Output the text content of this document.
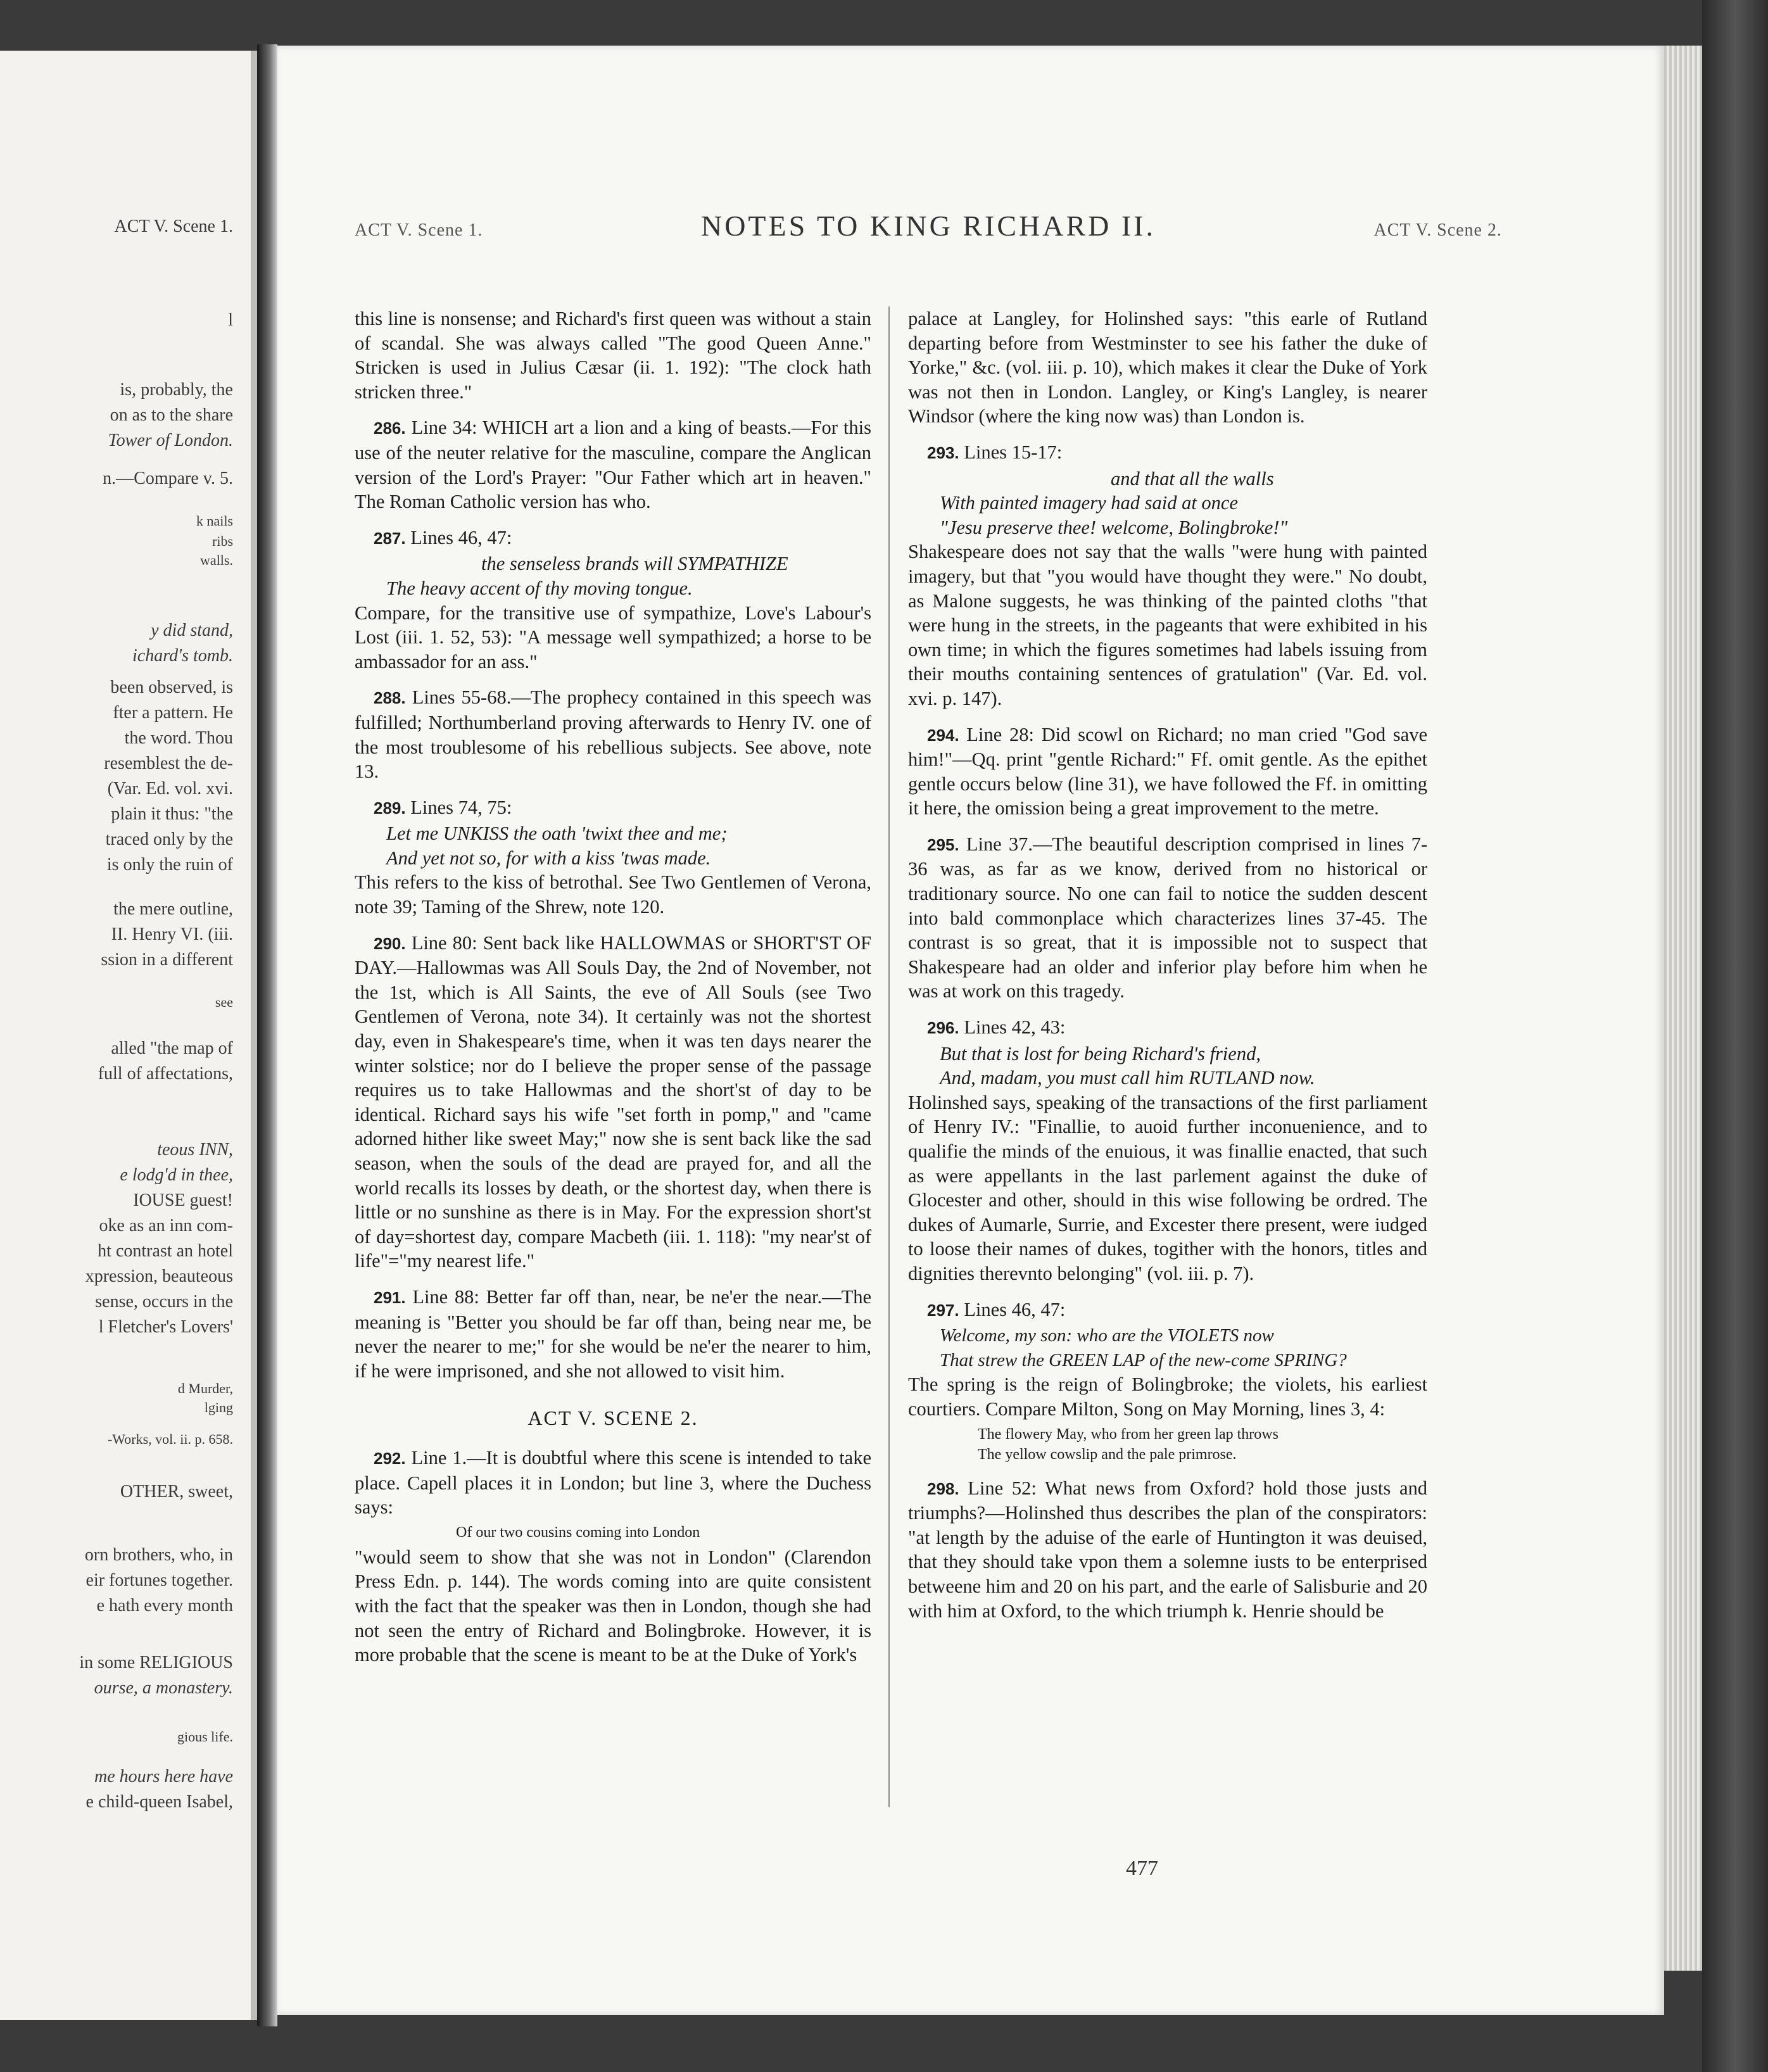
ACT V. Scene 1.
l
is, probably, the
on as to the share
Tower of London.
n.—Compare v. 5.
k nails
ribs
walls.
y did stand,
ichard's tomb.
been observed, is
fter a pattern. He
the word. Thou
resemblest the de-
(Var. Ed. vol. xvi.
plain it thus: "the
traced only by the
is only the ruin of
the mere outline,
II. Henry VI. (iii.
ssion in a different
see
alled "the map of
full of affectations,
teous INN,
e lodg'd in thee,
IOUSE guest!
oke as an inn com-
ht contrast an hotel
xpression, beauteous
sense, occurs in the
l Fletcher's Lovers'
d Murder,
lging
-Works, vol. ii. p. 658.
OTHER, sweet,
orn brothers, who, in
eir fortunes together.
e hath every month
in some RELIGIOUS
ourse, a monastery.
gious life.
me hours here have
e child-queen Isabel,
ACT V. Scene 1.	NOTES TO KING RICHARD II.	ACT V. Scene 2.

this line is nonsense; and Richard's first queen was without a stain of scandal. She was always called "The good Queen Anne." Stricken is used in Julius Cæsar (ii. 1. 192): "The clock hath stricken three."

286. Line 34: WHICH art a lion and a king of beasts.—For this use of the neuter relative for the masculine, compare the Anglican version of the Lord's Prayer: "Our Father which art in heaven." The Roman Catholic version has who.

287. Lines 46, 47:

the senseless brands will SYMPATHIZE

The heavy accent of thy moving tongue.

Compare, for the transitive use of sympathize, Love's Labour's Lost (iii. 1. 52, 53): "A message well sympathized; a horse to be ambassador for an ass."

288. Lines 55-68.—The prophecy contained in this speech was fulfilled; Northumberland proving afterwards to Henry IV. one of the most troublesome of his rebellious subjects. See above, note 13.

289. Lines 74, 75:

Let me UNKISS the oath 'twixt thee and me;

And yet not so, for with a kiss 'twas made.

This refers to the kiss of betrothal. See Two Gentlemen of Verona, note 39; Taming of the Shrew, note 120.

290. Line 80: Sent back like HALLOWMAS or SHORT'ST OF DAY.—Hallowmas was All Souls Day, the 2nd of November, not the 1st, which is All Saints, the eve of All Souls (see Two Gentlemen of Verona, note 34). It certainly was not the shortest day, even in Shakespeare's time, when it was ten days nearer the winter solstice; nor do I believe the proper sense of the passage requires us to take Hallowmas and the short'st of day to be identical. Richard says his wife "set forth in pomp," and "came adorned hither like sweet May;" now she is sent back like the sad season, when the souls of the dead are prayed for, and all the world recalls its losses by death, or the shortest day, when there is little or no sunshine as there is in May. For the expression short'st of day=shortest day, compare Macbeth (iii. 1. 118): "my near'st of life"="my nearest life."

291. Line 88: Better far off than, near, be ne'er the near.—The meaning is "Better you should be far off than, being near me, be never the nearer to me;" for she would be ne'er the nearer to him, if he were imprisoned, and she not allowed to visit him.

ACT V. SCENE 2.

292. Line 1.—It is doubtful where this scene is intended to take place. Capell places it in London; but line 3, where the Duchess says:

Of our two cousins coming into London

"would seem to show that she was not in London" (Clarendon Press Edn. p. 144). The words coming into are quite consistent with the fact that the speaker was then in London, though she had not seen the entry of Richard and Bolingbroke. However, it is more probable that the scene is meant to be at the Duke of York's

palace at Langley, for Holinshed says: "this earle of Rutland departing before from Westminster to see his father the duke of Yorke," &c. (vol. iii. p. 10), which makes it clear the Duke of York was not then in London. Langley, or King's Langley, is nearer Windsor (where the king now was) than London is.

293. Lines 15-17:

and that all the walls

With painted imagery had said at once

"Jesu preserve thee! welcome, Bolingbroke!"

Shakespeare does not say that the walls "were hung with painted imagery, but that "you would have thought they were." No doubt, as Malone suggests, he was thinking of the painted cloths "that were hung in the streets, in the pageants that were exhibited in his own time; in which the figures sometimes had labels issuing from their mouths containing sentences of gratulation" (Var. Ed. vol. xvi. p. 147).

294. Line 28: Did scowl on Richard; no man cried "God save him!"—Qq. print "gentle Richard:" Ff. omit gentle. As the epithet gentle occurs below (line 31), we have followed the Ff. in omitting it here, the omission being a great improvement to the metre.

295. Line 37.—The beautiful description comprised in lines 7-36 was, as far as we know, derived from no historical or traditionary source. No one can fail to notice the sudden descent into bald commonplace which characterizes lines 37-45. The contrast is so great, that it is impossible not to suspect that Shakespeare had an older and inferior play before him when he was at work on this tragedy.

296. Lines 42, 43:

But that is lost for being Richard's friend,

And, madam, you must call him RUTLAND now.

Holinshed says, speaking of the transactions of the first parliament of Henry IV.: "Finallie, to auoid further inconuenience, and to qualifie the minds of the enuious, it was finallie enacted, that such as were appellants in the last parlement against the duke of Glocester and other, should in this wise following be ordred. The dukes of Aumarle, Surrie, and Excester there present, were iudged to loose their names of dukes, togither with the honors, titles and dignities therevnto belonging" (vol. iii. p. 7).

297. Lines 46, 47:

Welcome, my son: who are the VIOLETS now

That strew the GREEN LAP of the new-come SPRING?

The spring is the reign of Bolingbroke; the violets, his earliest courtiers. Compare Milton, Song on May Morning, lines 3, 4:

The flowery May, who from her green lap throws

The yellow cowslip and the pale primrose.

298. Line 52: What news from Oxford? hold those justs and triumphs?—Holinshed thus describes the plan of the conspirators: "at length by the aduise of the earle of Huntington it was deuised, that they should take vpon them a solemne iusts to be enterprised betweene him and 20 on his part, and the earle of Salisburie and 20 with him at Oxford, to the which triumph k. Henrie should be

477
